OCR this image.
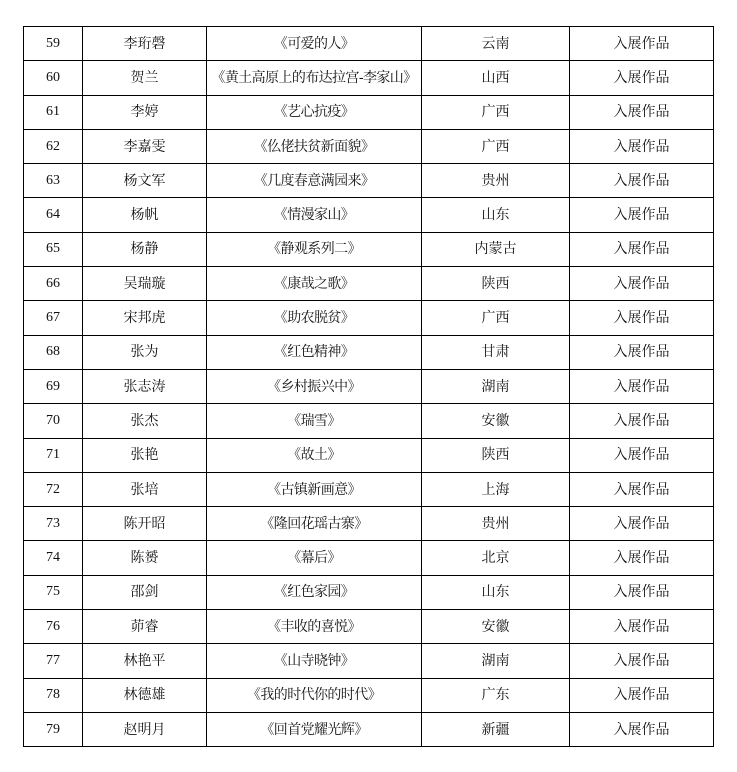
59	李珩磬	《可爱的人》	云南	入展作品
60	贺兰	《黄土高原上的布达拉宫-李家山》	山西	入展作品
61	李婷	《艺心抗疫》	广西	入展作品
62	李嘉雯	《仫佬扶贫新面貌》	广西	入展作品
63	杨文军	《几度春意满园来》	贵州	入展作品
64	杨帆	《情漫家山》	山东	入展作品
65	杨静	《静观系列二》	内蒙古	入展作品
66	吴瑞璇	《康哉之歌》	陕西	入展作品
67	宋邦虎	《助农脱贫》	广西	入展作品
68	张为	《红色精神》	甘肃	入展作品
69	张志涛	《乡村振兴中》	湖南	入展作品
70	张杰	《瑞雪》	安徽	入展作品
71	张艳	《故土》	陕西	入展作品
72	张培	《古镇新画意》	上海	入展作品
73	陈开昭	《隆回花瑶古寨》	贵州	入展作品
74	陈赟	《幕后》	北京	入展作品
75	邵剑	《红色家园》	山东	入展作品
76	茆睿	《丰收的喜悦》	安徽	入展作品
77	林艳平	《山寺晓钟》	湖南	入展作品
78	林德雄	《我的时代你的时代》	广东	入展作品
79	赵明月	《回首党耀光辉》	新疆	入展作品
